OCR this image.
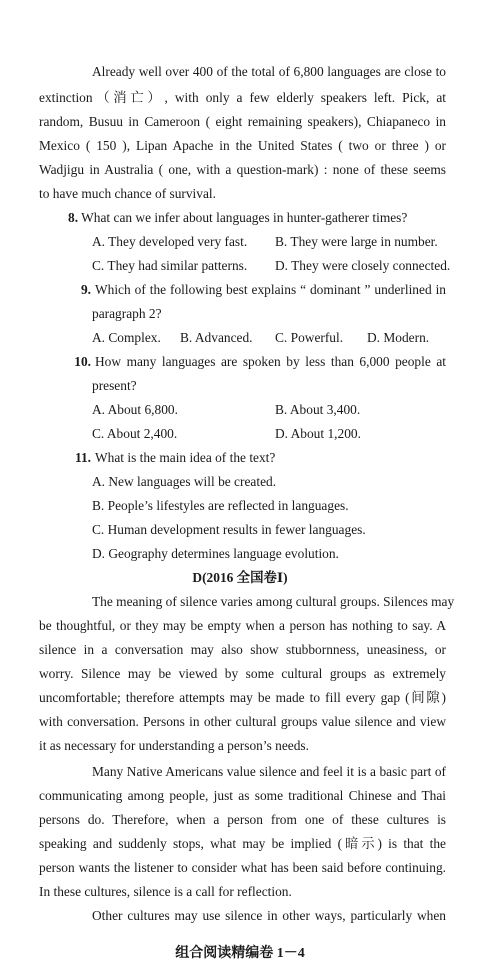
Already well over 400 of the total of 6,800 languages are close to
extinction（消亡）, with only a few elderly speakers left. Pick, at
random, Busuu in Cameroon ( eight remaining speakers), Chiapaneco in
Mexico ( 150 ), Lipan Apache in the United States ( two or three ) or
Wadjigu in Australia ( one, with a question-mark) : none of these seems
to have much chance of survival.
8. What can we infer about languages in hunter-gatherer times?
A. They developed very fast.	B. They were large in number.
C. They had similar patterns.	D. They were closely connected.
9. Which of the following best explains “ dominant ” underlined in
paragraph 2?
A. Complex.	B. Advanced.	C. Powerful.	D. Modern.
10. How many languages are spoken by less than 6,000 people at
present?
A. About 6,800.	B. About 3,400.
C. About 2,400.	D. About 1,200.
11. What is the main idea of the text?
A. New languages will be created.
B. People’s lifestyles are reflected in languages.
C. Human development results in fewer languages.
D. Geography determines language evolution.
D(2016 全国卷Ⅰ)
The meaning of silence varies among cultural groups. Silences may
be thoughtful, or they may be empty when a person has nothing to say. A
silence in a conversation may also show stubbornness, uneasiness, or
worry. Silence may be viewed by some cultural groups as extremely
uncomfortable; therefore attempts may be made to fill every gap (间隙)
with conversation. Persons in other cultural groups value silence and view
it as necessary for understanding a person’s needs.
Many Native Americans value silence and feel it is a basic part of
communicating among people, just as some traditional Chinese and Thai
persons do. Therefore, when a person from one of these cultures is
speaking and suddenly stops, what may be implied (暗示) is that the
person wants the listener to consider what has been said before continuing.
In these cultures, silence is a call for reflection.
Other cultures may use silence in other ways, particularly when
组合阅读精编卷 1－4
